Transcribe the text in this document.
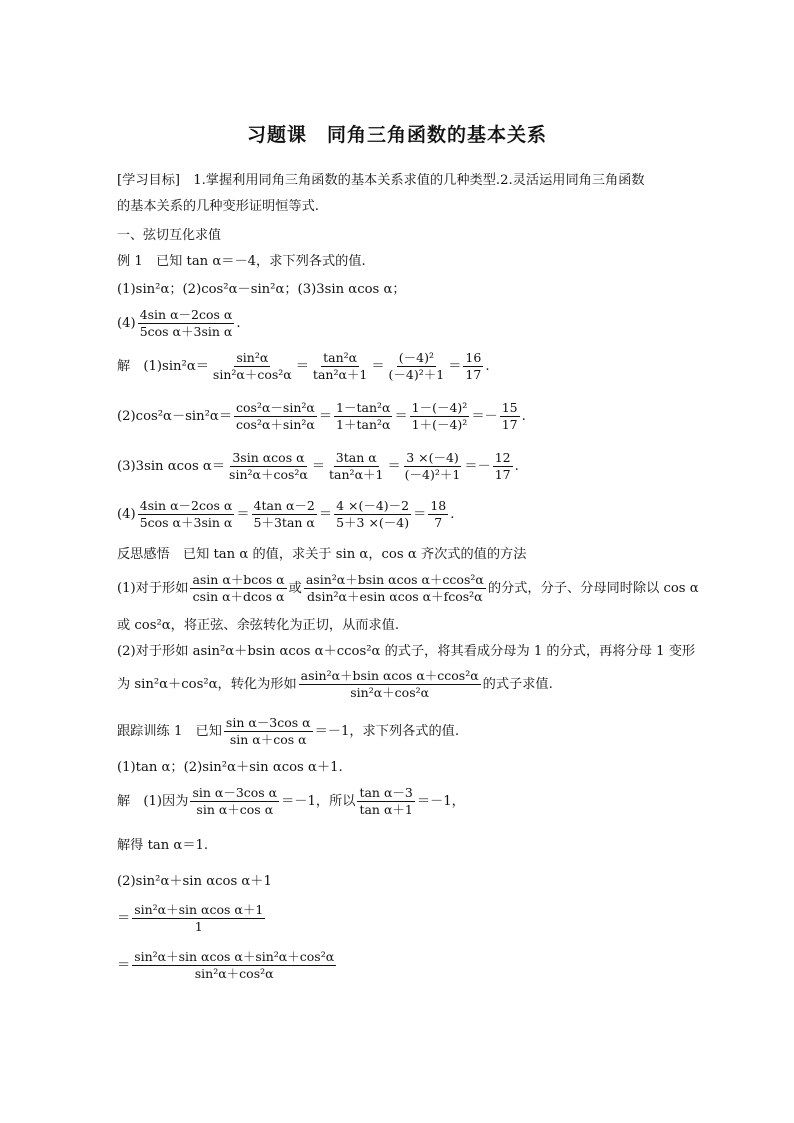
习题课　同角三角函数的基本关系
[学习目标]　1.掌握利用同角三角函数的基本关系求值的几种类型.2.灵活运用同角三角函数
的基本关系的几种变形证明恒等式.
一、弦切互化求值
例 1　已知 tan α＝－4，求下列各式的值.
(1)sin²α；(2)cos²α－sin²α；(3)3sin αcos α；
$(4) \frac{\text{4sin α－2cos α}}{\text{5cos α＋3sin α}}$ .
解　$(1)\sin^2\alpha= \frac{\text{sin²α}}{\text{sin²α＋cos²α}} = \frac{\text{tan²α}}{\text{tan²α＋1}} = \frac{\text{(－4)²}}{\text{(－4)²＋1}} = \frac{16}{17}$ .
$(2)\cos^2\alpha-\sin^2\alpha= \frac{\text{cos²α－sin²α}}{\text{cos²α＋sin²α}} = \frac{\text{1－tan²α}}{\text{1＋tan²α}} = \frac{\text{1－(－4)²}}{\text{1＋(－4)²}} =- \frac{15}{17}$ .
(3)3sin αcos $\alpha= \frac{\text{3sin αcos α}}{\text{sin²α＋cos²α}} = \frac{\text{3tan α}}{\text{tan²α＋1}} = \frac{3 \times(-4)}{\text{(－4)²＋1}} =- \frac{12}{17}$ .
$(4) \frac{\text{4sin α－2cos α}}{\text{5cos α＋3sin α}} = \frac{\text{4tan α－2}}{\text{5＋3tan α}} = \frac{4 \times(-4)-2}{5+3 \times(-4)} = \frac{18}{7}$ .
反思感悟　已知 tan α 的值，求关于 sin α，cos α 齐次式的值的方法
(1)对于形如 $\frac{\text{asin α＋bcos α}}{\text{csin α＋dcos α}}$ 或 $\frac{\text{asin²α＋bsin αcos α＋ccos²α}}{\text{dsin²α＋esin αcos α＋fcos²α}}$ 的分式，分子、分母同时除以 cos α
或 cos²α，将正弦、余弦转化为正切，从而求值.
(2)对于形如 asin²α＋bsin αcos α＋ccos²α 的式子，将其看成分母为 1 的分式，再将分母 1 变形
为 sin²α＋cos²α，转化为形如 $\frac{\text{asin²α＋bsin αcos α＋ccos²α}}{\text{sin²α＋cos²α}}$ 的式子求值.
跟踪训练 1　已知 $\frac{\text{sin α－3cos α}}{\text{sin α＋cos α}} =-1$，求下列各式的值.
(1)tan α；(2)sin²α＋sin αcos α＋1.
解　(1)因为 $\frac{\text{sin α－3cos α}}{\text{sin α＋cos α}} =-1$，所以 $\frac{\text{tan α－3}}{\text{tan α＋1}} =-1$，
解得 tan α＝1.
(2)sin²α＋sin αcos α＋1
＝ $\frac{\text{sin²α＋sin αcos α＋1}}{1}$
＝ $\frac{\text{sin²α＋sin αcos α＋sin²α＋cos²α}}{\text{sin²α＋cos²α}}$
